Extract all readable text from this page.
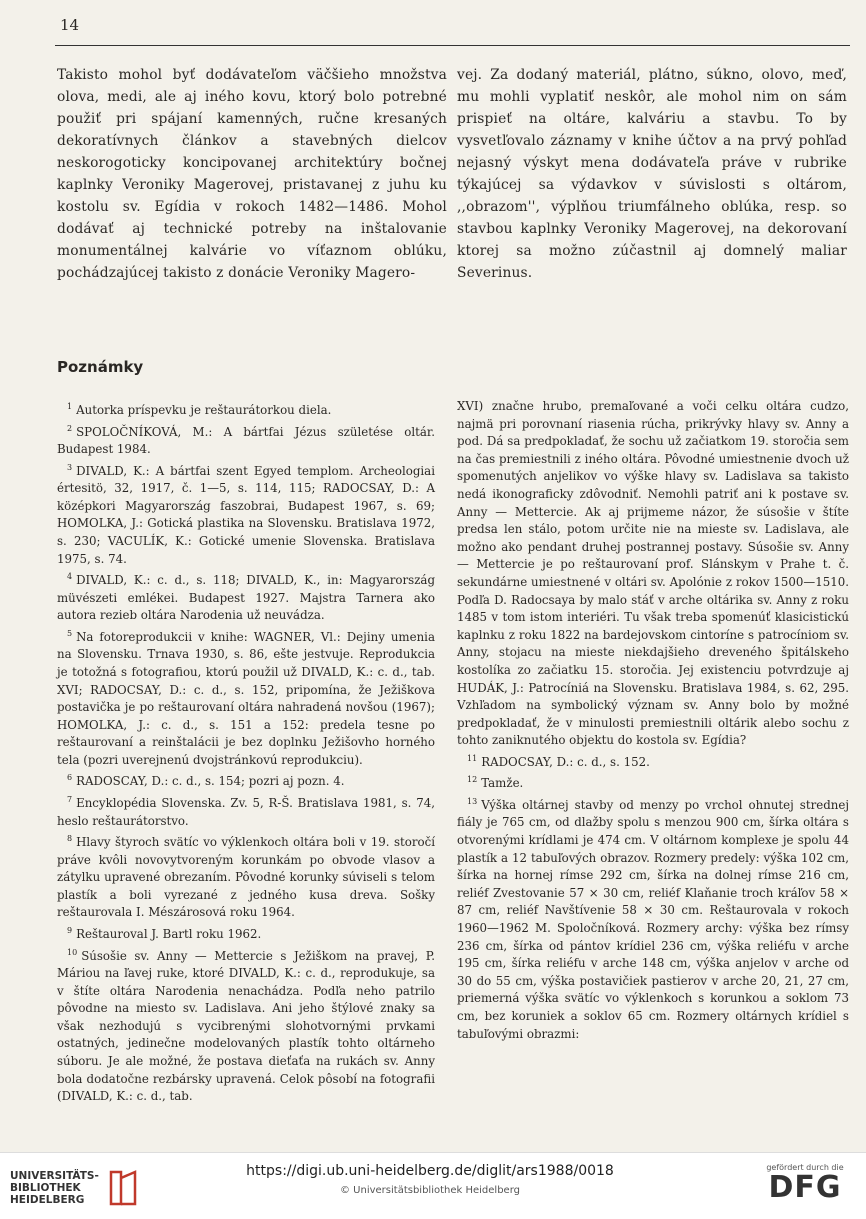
14

Takisto mohol byť dodávateľom väčšieho množstva olova, medi, ale aj iného kovu, ktorý bolo potrebné použiť pri spájaní kamenných, ručne kresaných dekoratívnych článkov a stavebných dielcov neskorogoticky koncipovanej architektúry bočnej kaplnky Veroniky Magerovej, pristavanej z juhu ku kostolu sv. Egídia v rokoch 1482—1486. Mohol dodávať aj technické potreby na inštalovanie monumentálnej kalvárie vo víťaznom oblúku, pochádzajúcej takisto z donácie Veroniky Magero-

vej. Za dodaný materiál, plátno, súkno, olovo, meď, mu mohli vyplatiť neskôr, ale mohol nim on sám prispieť na oltáre, kalváriu a stavbu. To by vysvetľovalo záznamy v knihe účtov a na prvý pohľad nejasný výskyt mena dodávateľa práve v rubrike týkajúcej sa výdavkov v súvislosti s oltárom, ,,obrazom'', výplňou triumfálneho oblúka, resp. so stavbou kaplnky Veroniky Magerovej, na dekorovaní ktorej sa možno zúčastnil aj domnelý maliar Severinus.

Poznámky

$^1$ Autorka príspevku je reštaurátorkou diela.

$^2$ SPOLOČNÍKOVÁ, M.: A bártfai Jézus születése oltár. Budapest 1984.

$^3$ DIVALD, K.: A bártfai szent Egyed templom. Archeologiai értesitö, 32, 1917, č. 1—5, s. 114, 115; RADOCSAY, D.: A középkori Magyarország faszobrai, Budapest 1967, s. 69; HOMOLKA, J.: Gotická plastika na Slovensku. Bratislava 1972, s. 230; VACULÍK, K.: Gotické umenie Slovenska. Bratislava 1975, s. 74.

$^4$ DIVALD, K.: c. d., s. 118; DIVALD, K., in: Magyarország müvészeti emlékei. Budapest 1927. Majstra Tarnera ako autora rezieb oltára Narodenia už neuvádza.

$^5$ Na fotoreprodukcii v knihe: WAGNER, Vl.: Dejiny umenia na Slovensku. Trnava 1930, s. 86, ešte jestvuje. Reprodukcia je totožná s fotografiou, ktorú použil už DIVALD, K.: c. d., tab. XVI; RADOCSAY, D.: c. d., s. 152, pripomína, že Ježiškova postavička je po reštaurovaní oltára nahradená novšou (1967); HOMOLKA, J.: c. d., s. 151 a 152: predela tesne po reštaurovaní a reinštalácii je bez doplnku Ježišovho horného tela (pozri uverejnenú dvojstránkovú reprodukciu).

$^6$ RADOSCAY, D.: c. d., s. 154; pozri aj pozn. 4.

$^7$ Encyklopédia Slovenska. Zv. 5, R-Š. Bratislava 1981, s. 74, heslo reštaurátorstvo.

$^8$ Hlavy štyroch svätíc vo výklenkoch oltára boli v 19. storočí práve kvôli novovytvoreným korunkám po obvode vlasov a zátylku upravené obrezaním. Pôvodné korunky súviseli s telom plastík a boli vyrezané z jedného kusa dreva. Sošky reštaurovala I. Mészárosová roku 1964.

$^9$ Reštauroval J. Bartl roku 1962.

$^{10}$ Súsošie sv. Anny — Mettercie s Ježiškom na pravej, P. Máriou na ľavej ruke, ktoré DIVALD, K.: c. d., reprodukuje, sa v štíte oltára Narodenia nenachádza. Podľa neho patrilo pôvodne na miesto sv. Ladislava. Ani jeho štýlové znaky sa však nezhodujú s vycibrenými slohotvornými prvkami ostatných, jedinečne modelovaných plastík tohto oltárneho súboru. Je ale možné, že postava dieťaťa na rukách sv. Anny bola dodatočne rezbársky upravená. Celok pôsobí na fotografii (DIVALD, K.: c. d., tab.

XVI) značne hrubo, premaľované a voči celku oltára cudzo, najmä pri porovnaní riasenia rúcha, prikrývky hlavy sv. Anny a pod. Dá sa predpokladať, že sochu už začiatkom 19. storočia sem na čas premiestnili z iného oltára. Pôvodné umiestnenie dvoch už spomenutých anjelikov vo výške hlavy sv. Ladislava sa takisto nedá ikonograficky zdôvodniť. Nemohli patriť ani k postave sv. Anny — Mettercie. Ak aj prijmeme názor, že súsošie v štíte predsa len stálo, potom určite nie na mieste sv. Ladislava, ale možno ako pendant druhej postrannej postavy. Súsošie sv. Anny — Mettercie je po reštaurovaní prof. Slánskym v Prahe t. č. sekundárne umiestnené v oltári sv. Apolónie z rokov 1500—1510. Podľa D. Radocsaya by malo stáť v arche oltárika sv. Anny z roku 1485 v tom istom interiéri. Tu však treba spomenúť klasicistickú kaplnku z roku 1822 na bardejovskom cintoríne s patrocíniom sv. Anny, stojacu na mieste niekdajšieho dreveného špitálskeho kostolíka zo začiatku 15. storočia. Jej existenciu potvrdzuje aj HUDÁK, J.: Patrocíniá na Slovensku. Bratislava 1984, s. 62, 295. Vzhľadom na symbolický význam sv. Anny bolo by možné predpokladať, že v minulosti premiestnili oltárik alebo sochu z tohto zaniknutého objektu do kostola sv. Egídia?

$^{11}$ RADOCSAY, D.: c. d., s. 152.

$^{12}$ Tamže.

$^{13}$ Výška oltárnej stavby od menzy po vrchol ohnutej strednej fiály je 765 cm, od dlažby spolu s menzou 900 cm, šírka oltára s otvorenými krídlami je 474 cm. V oltárnom komplexe je spolu 44 plastík a 12 tabuľových obrazov. Rozmery predely: výška 102 cm, šírka na hornej rímse 292 cm, šírka na dolnej rímse 216 cm, reliéf Zvestovanie 57 × 30 cm, reliéf Klaňanie troch kráľov 58 × 87 cm, reliéf Navštívenie 58 × 30 cm. Reštaurovala v rokoch 1960—1962 M. Spoločníková. Rozmery archy: výška bez rímsy 236 cm, šírka od pántov krídiel 236 cm, výška reliéfu v arche 195 cm, šírka reliéfu v arche 148 cm, výška anjelov v arche od 30 do 55 cm, výška postavičiek pastierov v arche 20, 21, 27 cm, priemerná výška svätíc vo výklenkoch s korunkou a soklom 73 cm, bez koruniek a soklov 65 cm. Rozmery oltárnych krídiel s tabuľovými obrazmi:

UNIVERSITÄTS-
BIBLIOTHEK
HEIDELBERG
https://digi.ub.uni-heidelberg.de/diglit/ars1988/0018
© Universitätsbibliothek Heidelberg
gefördert durch die
DFG
